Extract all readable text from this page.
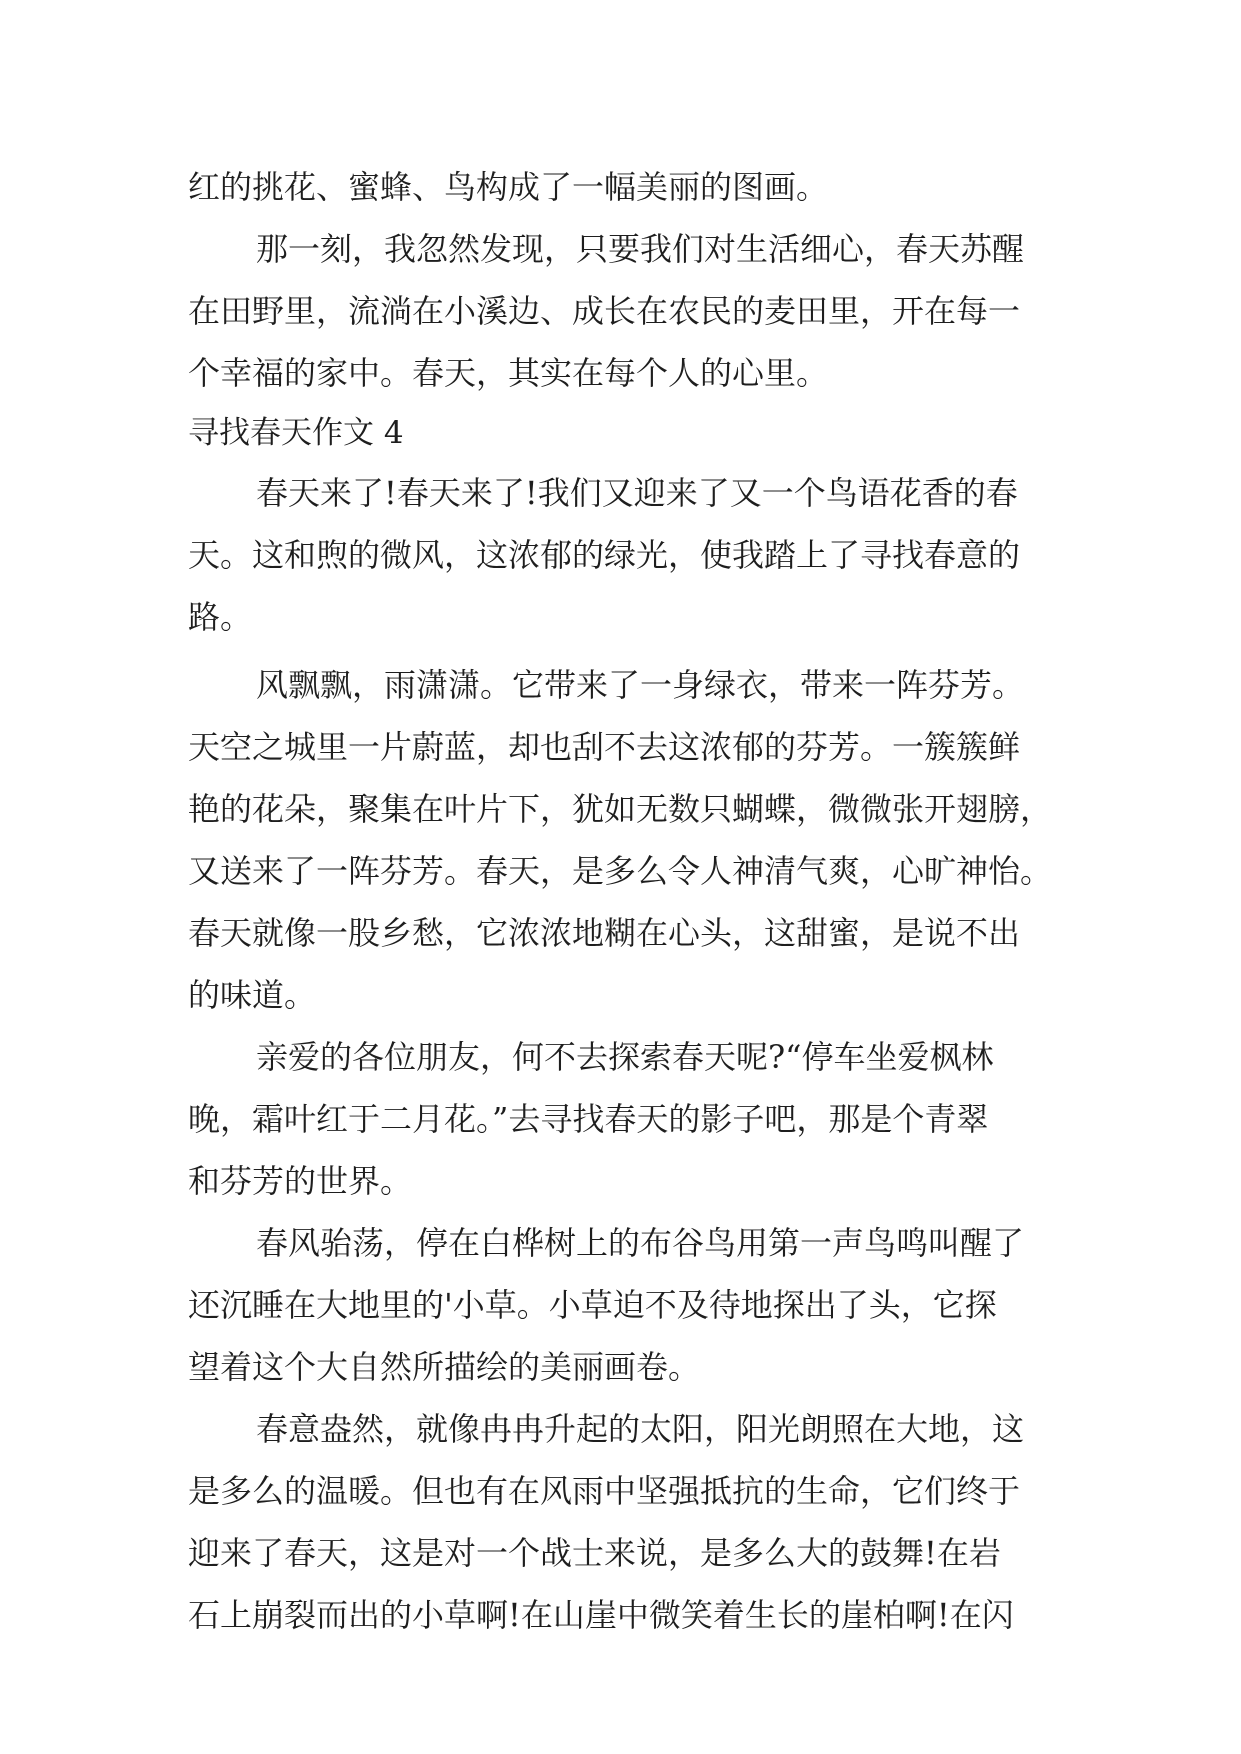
红的挑花、蜜蜂、鸟构成了一幅美丽的图画。
那一刻，我忽然发现，只要我们对生活细心，春天苏醒
在田野里，流淌在小溪边、成长在农民的麦田里，开在每一
个幸福的家中。春天，其实在每个人的心里。
寻找春天作文 4
春天来了!春天来了!我们又迎来了又一个鸟语花香的春
天。这和煦的微风，这浓郁的绿光，使我踏上了寻找春意的
路。
风飘飘，雨潇潇。它带来了一身绿衣，带来一阵芬芳。
天空之城里一片蔚蓝，却也刮不去这浓郁的芬芳。一簇簇鲜
艳的花朵，聚集在叶片下，犹如无数只蝴蝶，微微张开翅膀，
又送来了一阵芬芳。春天，是多么令人神清气爽，心旷神怡。
春天就像一股乡愁，它浓浓地糊在心头，这甜蜜，是说不出
的味道。
亲爱的各位朋友，何不去探索春天呢?“停车坐爱枫林
晚，霜叶红于二月花。”去寻找春天的影子吧，那是个青翠
和芬芳的世界。
春风骀荡，停在白桦树上的布谷鸟用第一声鸟鸣叫醒了
还沉睡在大地里的'小草。小草迫不及待地探出了头，它探
望着这个大自然所描绘的美丽画卷。
春意盎然，就像冉冉升起的太阳，阳光朗照在大地，这
是多么的温暖。但也有在风雨中坚强抵抗的生命，它们终于
迎来了春天，这是对一个战士来说，是多么大的鼓舞!在岩
石上崩裂而出的小草啊!在山崖中微笑着生长的崖柏啊!在闪
